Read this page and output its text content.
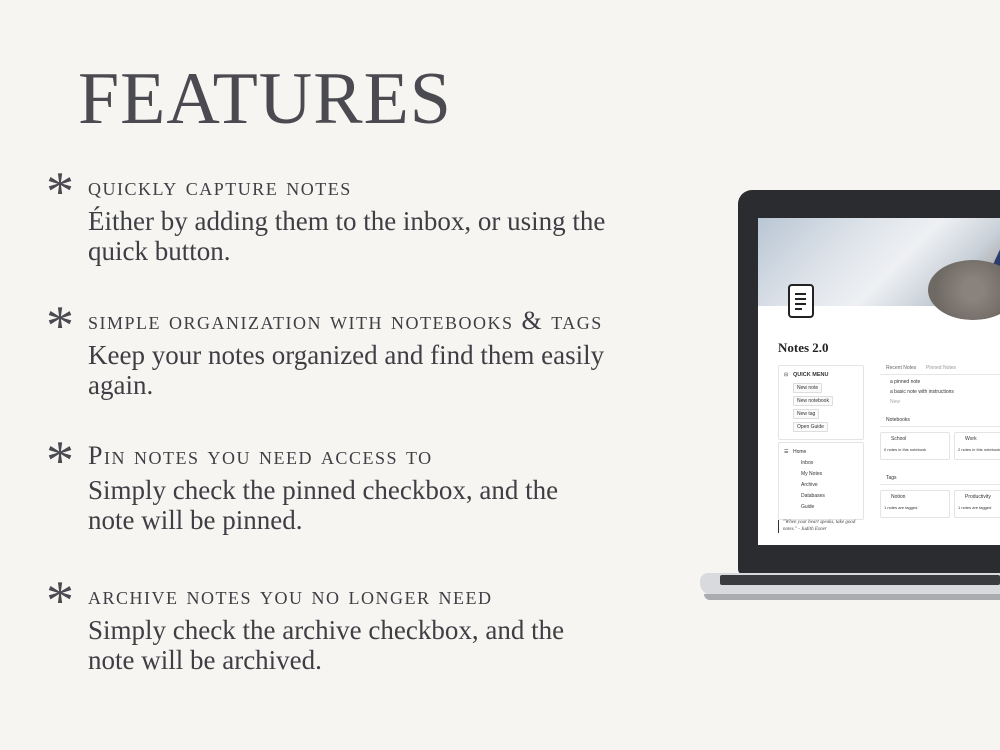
FEATURES
* quickly capture notes
Éither by adding them to the inbox, or using the quick button.
* simple organization with notebooks & tags
Keep your notes organized and find them easily again.
* Pin notes you need access to
Simply check the pinned checkbox, and the note will be pinned.
* archive notes you no longer need
Simply check the archive checkbox, and the note will be archived.
Notes 2.0
⊟ QUICK MENU
New note
New notebook
New tag
Open Guide
☰ Home
Inbox
My Notes
Archive
Databases
Guide
Recent Notes Pinned Notes
a pinned note
a basic note with instructions
New
Notebooks
School
0 notes in this notebook
Work
2 notes in this notebook
Tags
Notion
1 notes are tagged
Productivity
1 notes are tagged
"When your heart speaks, take good notes." - Judith Exner
